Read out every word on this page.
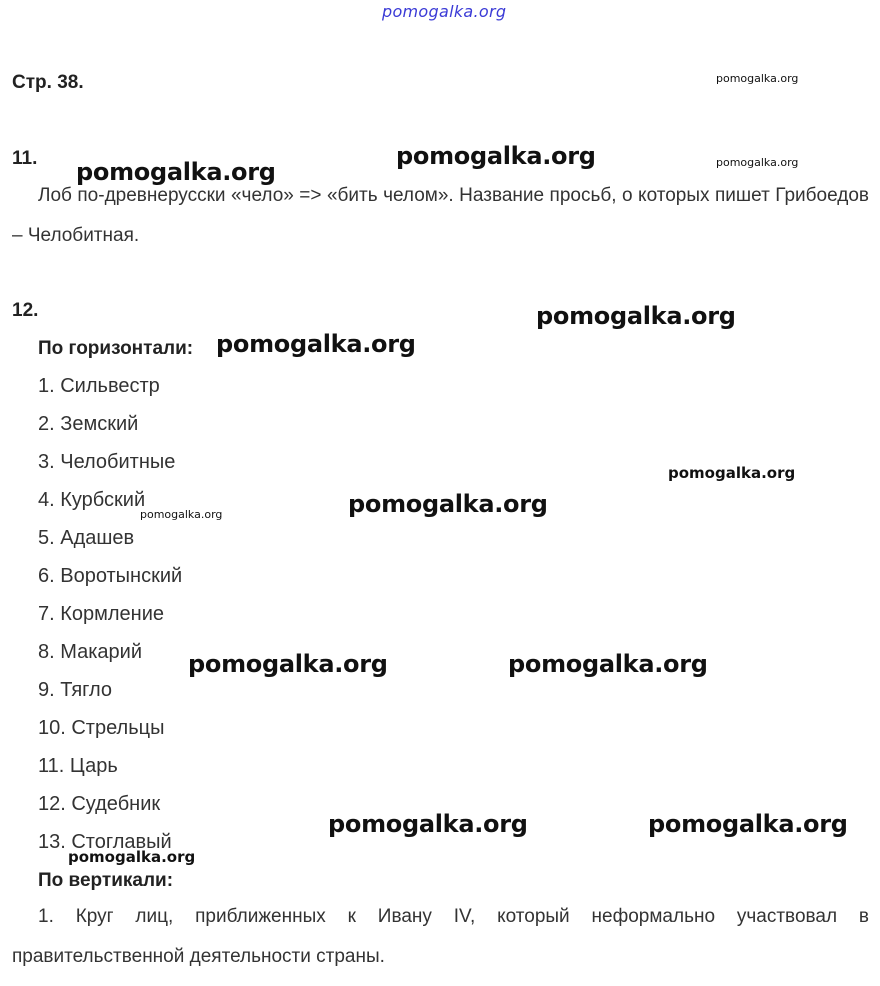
pomogalka.org
Стр. 38.
11.
Лоб по-древнерусски «чело» => «бить челом». Название просьб, о которых пишет Грибоедов – Челобитная.
12.
По горизонтали:
1. Сильвестр
2. Земский
3. Челобитные
4. Курбский
5. Адашев
6. Воротынский
7. Кормление
8. Макарий
9. Тягло
10. Стрельцы
11. Царь
12. Судебник
13. Стоглавый
По вертикали:
1. Круг лиц, приближенных к Ивану IV, который неформально участвовал в правительственной деятельности страны.
pomogalka.org
pomogalka.org
pomogalka.org	pomogalka.org
pomogalka.org
pomogalka.org
pomogalka.org
pomogalka.org
pomogalka.org
pomogalka.org	pomogalka.org
pomogalka.org	pomogalka.org
pomogalka.org
